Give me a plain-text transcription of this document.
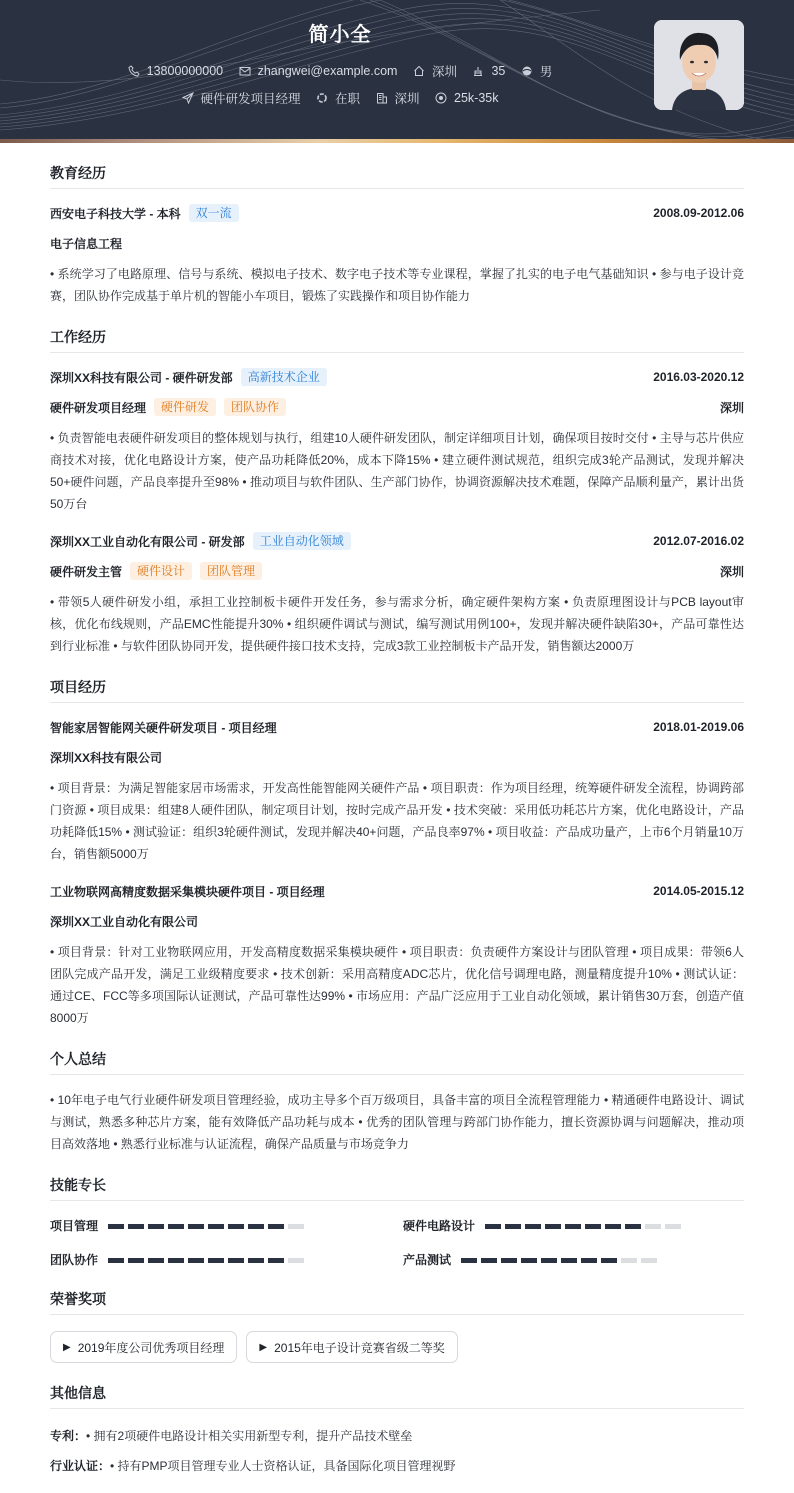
简小全
13800000000
	zhangwei@example.com
	深圳
	35
	男
硬件研发项目经理
	在职
	深圳
	25k-35k
教育经历
西安电子科技大学 - 本科	双一流	2008.09-2012.06
电子信息工程
• 系统学习了电路原理、信号与系统、模拟电子技术、数字电子技术等专业课程，掌握了扎实的电子电气基础知识 • 参与电子设计竞赛，团队协作完成基于单片机的智能小车项目，锻炼了实践操作和项目协作能力
工作经历
深圳XX科技有限公司 - 硬件研发部	高新技术企业	2016.03-2020.12
硬件研发项目经理	硬件研发	团队协作	深圳
• 负责智能电表硬件研发项目的整体规划与执行，组建10人硬件研发团队，制定详细项目计划，确保项目按时交付 • 主导与芯片供应商技术对接，优化电路设计方案，使产品功耗降低20%，成本下降15% • 建立硬件测试规范，组织完成3轮产品测试，发现并解决50+硬件问题，产品良率提升至98% • 推动项目与软件团队、生产部门协作，协调资源解决技术难题，保障产品顺利量产，累计出货50万台
深圳XX工业自动化有限公司 - 研发部	工业自动化领域	2012.07-2016.02
硬件研发主管	硬件设计	团队管理	深圳
• 带领5人硬件研发小组，承担工业控制板卡硬件开发任务，参与需求分析，确定硬件架构方案 • 负责原理图设计与PCB layout审核，优化布线规则，产品EMC性能提升30% • 组织硬件调试与测试，编写测试用例100+，发现并解决硬件缺陷30+，产品可靠性达到行业标准 • 与软件团队协同开发，提供硬件接口技术支持，完成3款工业控制板卡产品开发，销售额达2000万
项目经历
智能家居智能网关硬件研发项目 - 项目经理	2018.01-2019.06
深圳XX科技有限公司
• 项目背景：为满足智能家居市场需求，开发高性能智能网关硬件产品 • 项目职责：作为项目经理，统筹硬件研发全流程，协调跨部门资源 • 项目成果：组建8人硬件团队，制定项目计划，按时完成产品开发 • 技术突破：采用低功耗芯片方案，优化电路设计，产品功耗降低15% • 测试验证：组织3轮硬件测试，发现并解决40+问题，产品良率97% • 项目收益：产品成功量产，上市6个月销量10万台，销售额5000万
工业物联网高精度数据采集模块硬件项目 - 项目经理	2014.05-2015.12
深圳XX工业自动化有限公司
• 项目背景：针对工业物联网应用，开发高精度数据采集模块硬件 • 项目职责：负责硬件方案设计与团队管理 • 项目成果：带领6人团队完成产品开发，满足工业级精度要求 • 技术创新：采用高精度ADC芯片，优化信号调理电路，测量精度提升10% • 测试认证：通过CE、FCC等多项国际认证测试，产品可靠性达99% • 市场应用：产品广泛应用于工业自动化领域，累计销售30万套，创造产值8000万
个人总结
• 10年电子电气行业硬件研发项目管理经验，成功主导多个百万级项目，具备丰富的项目全流程管理能力 • 精通硬件电路设计、调试与测试，熟悉多种芯片方案，能有效降低产品功耗与成本 • 优秀的团队管理与跨部门协作能力，擅长资源协调与问题解决，推动项目高效落地 • 熟悉行业标准与认证流程，确保产品质量与市场竞争力
技能专长
项目管理	硬件电路设计
团队协作	产品测试
荣誉奖项
▶ 2019年度公司优秀项目经理	▶ 2015年电子设计竞赛省级二等奖
其他信息
专利：• 拥有2项硬件电路设计相关实用新型专利，提升产品技术壁垒
行业认证：• 持有PMP项目管理专业人士资格认证，具备国际化项目管理视野
